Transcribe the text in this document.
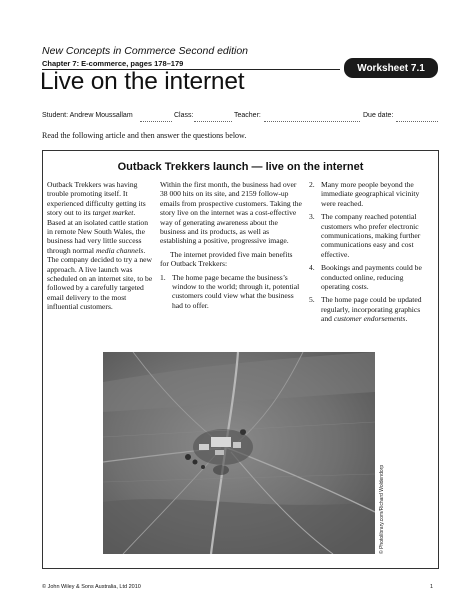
New Concepts in Commerce Second edition
Chapter 7: E-commerce, pages 178–179	Worksheet 7.1
Live on the internet
Student: Andrew Moussallam	Class:	Teacher:	Due date:
Read the following article and then answer the questions below.
Outback Trekkers launch — live on the internet

Outback Trekkers was having trouble promoting itself. It experienced difficulty getting its story out to its target market. Based at an isolated cattle station in remote New South Wales, the business had very little success through normal media channels. The company decided to try a new approach. A live launch was scheduled on an internet site, to be followed by a carefully targeted email delivery to the most influential customers.

Within the first month, the business had over 38 000 hits on its site, and 2159 follow-up emails from prospective customers. Taking the story live on the internet was a cost-effective way of generating awareness about the business and its products, as well as establishing a positive, progressive image.

The internet provided five main benefits for Outback Trekkers:

1. The home page became the business’s window to the world; through it, potential customers could view what the business had to offer.
2. Many more people beyond the immediate geographical vicinity were reached.
3. The company reached potential customers who prefer electronic communications, making further communications easy and cost effective.
4. Bookings and payments could be conducted online, reducing operating costs.
5. The home page could be updated regularly, incorporating graphics and customer endorsements.
© Photolibrary.com/Richard Woldendorp
© John Wiley & Sons Australia, Ltd 2010	1
